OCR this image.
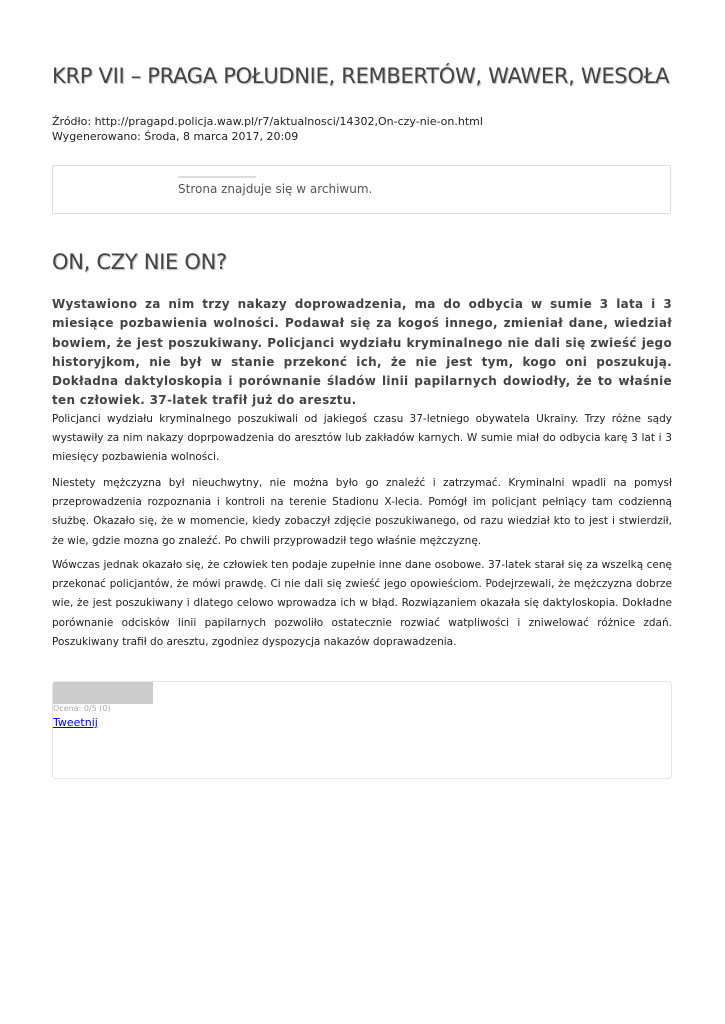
KRP VII – PRAGA POŁUDNIE, REMBERTÓW, WAWER, WESOŁA
Źródło: http://pragapd.policja.waw.pl/r7/aktualnosci/14302,On-czy-nie-on.html
Wygenerowano: Środa, 8 marca 2017, 20:09
Strona znajduje się w archiwum.
ON, CZY NIE ON?

Wystawiono za nim trzy nakazy doprowadzenia, ma do odbycia w sumie 3 lata i 3 miesiące pozbawienia wolności. Podawał się za kogoś innego, zmieniał dane, wiedział bowiem, że jest poszukiwany. Policjanci wydziału kryminalnego nie dali się zwieść jego historyjkom, nie był w stanie przekonć ich, że nie jest tym, kogo oni poszukują. Dokładna daktyloskopia i porównanie śladów linii papilarnych dowiodły, że to właśnie ten człowiek. 37-latek trafił już do aresztu.

Policjanci wydziału kryminalnego poszukiwali od jakiegoś czasu 37-letniego obywatela Ukrainy. Trzy różne sądy wystawiły za nim nakazy doprpowadzenia do aresztów lub zakładów karnych. W sumie miał do odbycia karę 3 lat i 3 miesięcy pozbawienia wolności.

Niestety mężczyzna był nieuchwytny, nie można było go znaleźć i zatrzymać. Kryminalni wpadli na pomysł przeprowadzenia rozpoznania i kontroli na terenie Stadionu X-lecia. Pomógł im policjant pełniący tam codzienną służbę. Okazało się, że w momencie, kiedy zobaczył zdjęcie poszukiwanego, od razu wiedział kto to jest i stwierdził, że wie, gdzie mozna go znaleźć. Po chwili przyprowadził tego właśnie mężczyznę.

Wówczas jednak okazało się, że człowiek ten podaje zupełnie inne dane osobowe. 37-latek starał się za wszelką cenę przekonać policjantów, że mówi prawdę. Ci nie dali się zwieść jego opowieściom. Podejrzewali, że mężczyzna dobrze wie, że jest poszukiwany i dlatego celowo wprowadza ich w błąd. Rozwiązaniem okazała się daktyloskopia. Dokładne porównanie odcisków linii papilarnych pozwoliło ostatecznie rozwiać watpliwości i zniwelować różnice zdań. Poszukiwany trafił do aresztu, zgodniez dyspozycja nakazów doprawadzenia.

Ocena: 0/5 (0)
Tweetnij
